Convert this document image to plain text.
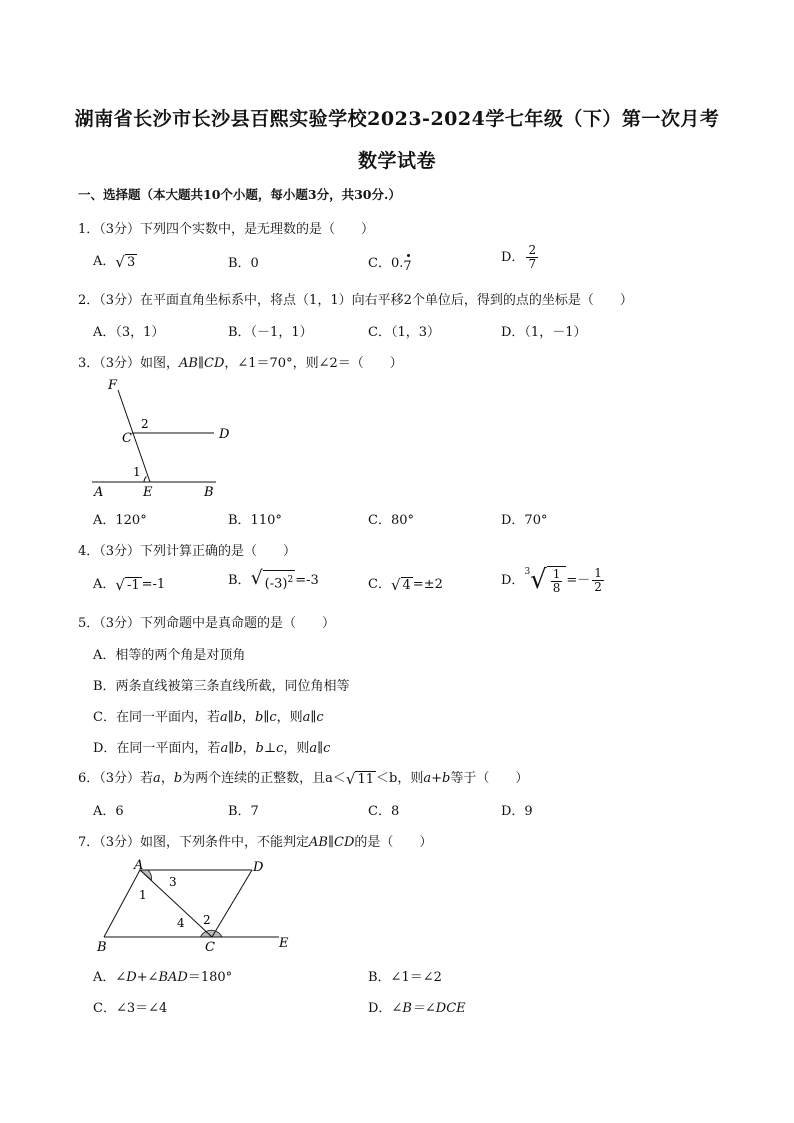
湖南省长沙市长沙县百熙实验学校2023-2024学七年级（下）第一次月考
数学试卷
一、选择题（本大题共10个小题，每小题3分，共30分.）
1．（3分）下列四个实数中，是无理数的是（　　）
A． √ 3	B．0	C．0.7
D． $\frac{2}{7}$
2．（3分）在平面直角坐标系中，将点（1，1）向右平移2个单位后，得到的点的坐标是（　　）
A．（3，1）	B．（－1，1）	C．（1，3）	D．（1，－1）
3．（3分）如图，AB∥CD，∠1＝70°，则∠2＝（　　）
F
2
C	D
1
A	E	B
A．120°	B．110°	C．80°	D．70°
4．（3分）下列计算正确的是（　　）
A． √ -1 =-1	B． √ $(-3)^2 =-3$	C． √ 4 =±2	D．$^3$ √ $\frac{1}{8} =- \frac{1}{2}$
5．（3分）下列命题中是真命题的是（　　）
A．相等的两个角是对顶角
B．两条直线被第三条直线所截，同位角相等
C．在同一平面内，若a∥b，b∥c，则a∥c
D．在同一平面内，若a∥b，b⊥c，则a∥c
6．（3分）若a，b为两个连续的正整数，且a＜ √ 11 ＜b，则a+b等于（　　）
A．6	B．7	C．8	D．9
7．（3分）如图，下列条件中，不能判定AB∥CD的是（　　）
A	D
3
1
4 2
B	C	E
A．∠D+∠BAD＝180°	B．∠1＝∠2
C．∠3＝∠4	D．∠B＝∠DCE
